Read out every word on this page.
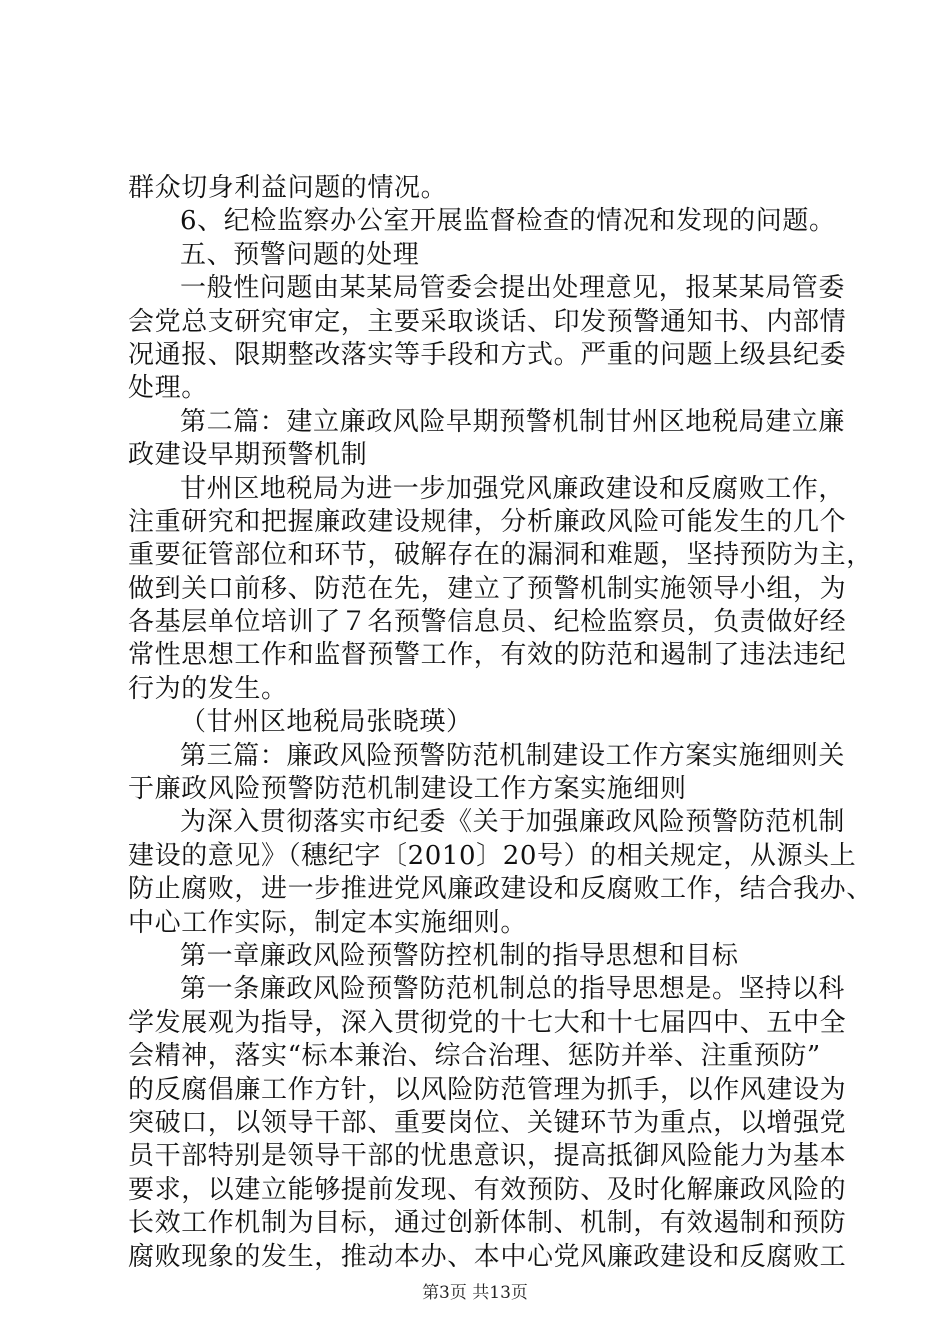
群众切身利益问题的情况。
6、纪检监察办公室开展监督检查的情况和发现的问题。
五、预警问题的处理
一般性问题由某某局管委会提出处理意见，报某某局管委
会党总支研究审定，主要采取谈话、印发预警通知书、内部情
况通报、限期整改落实等手段和方式。严重的问题上级县纪委
处理。
第二篇：建立廉政风险早期预警机制甘州区地税局建立廉
政建设早期预警机制
甘州区地税局为进一步加强党风廉政建设和反腐败工作，
注重研究和把握廉政建设规律，分析廉政风险可能发生的几个
重要征管部位和环节，破解存在的漏洞和难题，坚持预防为主，
做到关口前移、防范在先，建立了预警机制实施领导小组，为
各基层单位培训了７名预警信息员、纪检监察员，负责做好经
常性思想工作和监督预警工作，有效的防范和遏制了违法违纪
行为的发生。
（甘州区地税局张晓瑛）
第三篇：廉政风险预警防范机制建设工作方案实施细则关
于廉政风险预警防范机制建设工作方案实施细则
为深入贯彻落实市纪委《关于加强廉政风险预警防范机制
建设的意见》（穗纪字〔2010〕20号）的相关规定，从源头上
防止腐败，进一步推进党风廉政建设和反腐败工作，结合我办、
中心工作实际，制定本实施细则。
第一章廉政风险预警防控机制的指导思想和目标
第一条廉政风险预警防范机制总的指导思想是。坚持以科
学发展观为指导，深入贯彻党的十七大和十七届四中、五中全
会精神，落实“标本兼治、综合治理、惩防并举、注重预防”
的反腐倡廉工作方针，以风险防范管理为抓手，以作风建设为
突破口，以领导干部、重要岗位、关键环节为重点，以增强党
员干部特别是领导干部的忧患意识，提高抵御风险能力为基本
要求，以建立能够提前发现、有效预防、及时化解廉政风险的
长效工作机制为目标，通过创新体制、机制，有效遏制和预防
腐败现象的发生，推动本办、本中心党风廉政建设和反腐败工
第3页 共13页
